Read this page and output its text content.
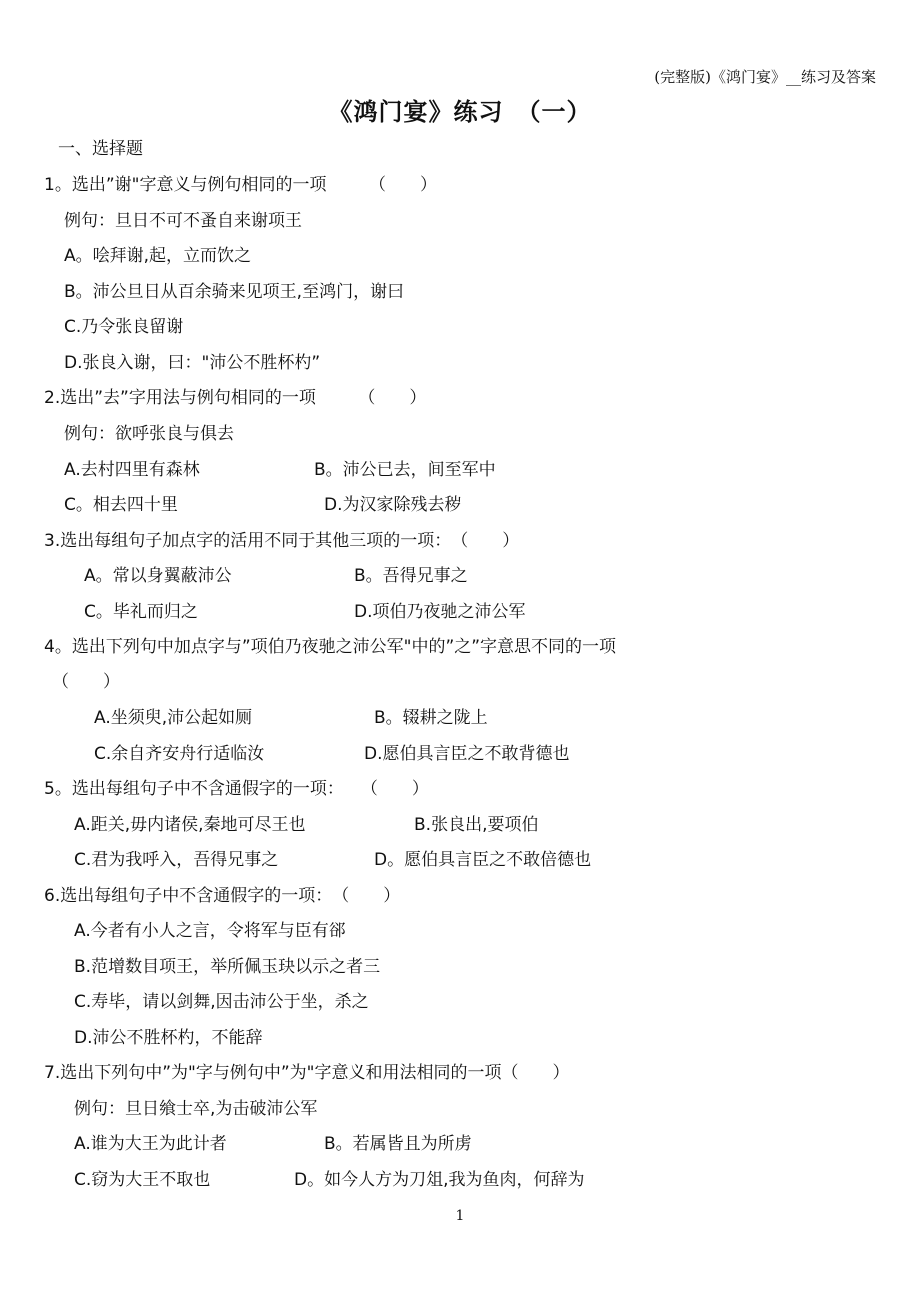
(完整版)《鸿门宴》__练习及答案
《鸿门宴》练习　（一）
一、选择题
1。选出”谢"字意义与例句相同的一项　　　（　　）
例句：旦日不可不蚤自来谢项王
A。哙拜谢,起，立而饮之
B。沛公旦日从百余骑来见项王,至鸿门，谢曰
C.乃令张良留谢
D.张良入谢，曰："沛公不胜杯杓”
2.选出”去”字用法与例句相同的一项　　　（　　）
例句：欲呼张良与俱去
A.去村四里有森林	B。沛公已去，间至军中
C。相去四十里	D.为汉家除残去秽
3.选出每组句子加点字的活用不同于其他三项的一项：　（　　）
A。常以身翼蔽沛公	B。吾得兄事之
C。毕礼而归之	D.项伯乃夜驰之沛公军
4。选出下列句中加点字与”项伯乃夜驰之沛公军"中的”之”字意思不同的一项
（　　）
A.坐须臾,沛公起如厕	B。辍耕之陇上
C.余自齐安舟行适临汝	D.愿伯具言臣之不敢背德也
5。选出每组句子中不含通假字的一项：　　（　　）
A.距关,毋内诸侯,秦地可尽王也	B.张良出,要项伯
C.君为我呼入，吾得兄事之	D。愿伯具言臣之不敢倍德也
6.选出每组句子中不含通假字的一项：　（　　）
A.今者有小人之言，令将军与臣有郤
B.范增数目项王，举所佩玉玦以示之者三
C.寿毕，请以剑舞,因击沛公于坐，杀之
D.沛公不胜杯杓，不能辞
7.选出下列句中”为"字与例句中”为"字意义和用法相同的一项（　　）
例句：旦日飨士卒,为击破沛公军
A.谁为大王为此计者	B。若属皆且为所虏
C.窃为大王不取也	D。如今人方为刀俎,我为鱼肉，何辞为
1
